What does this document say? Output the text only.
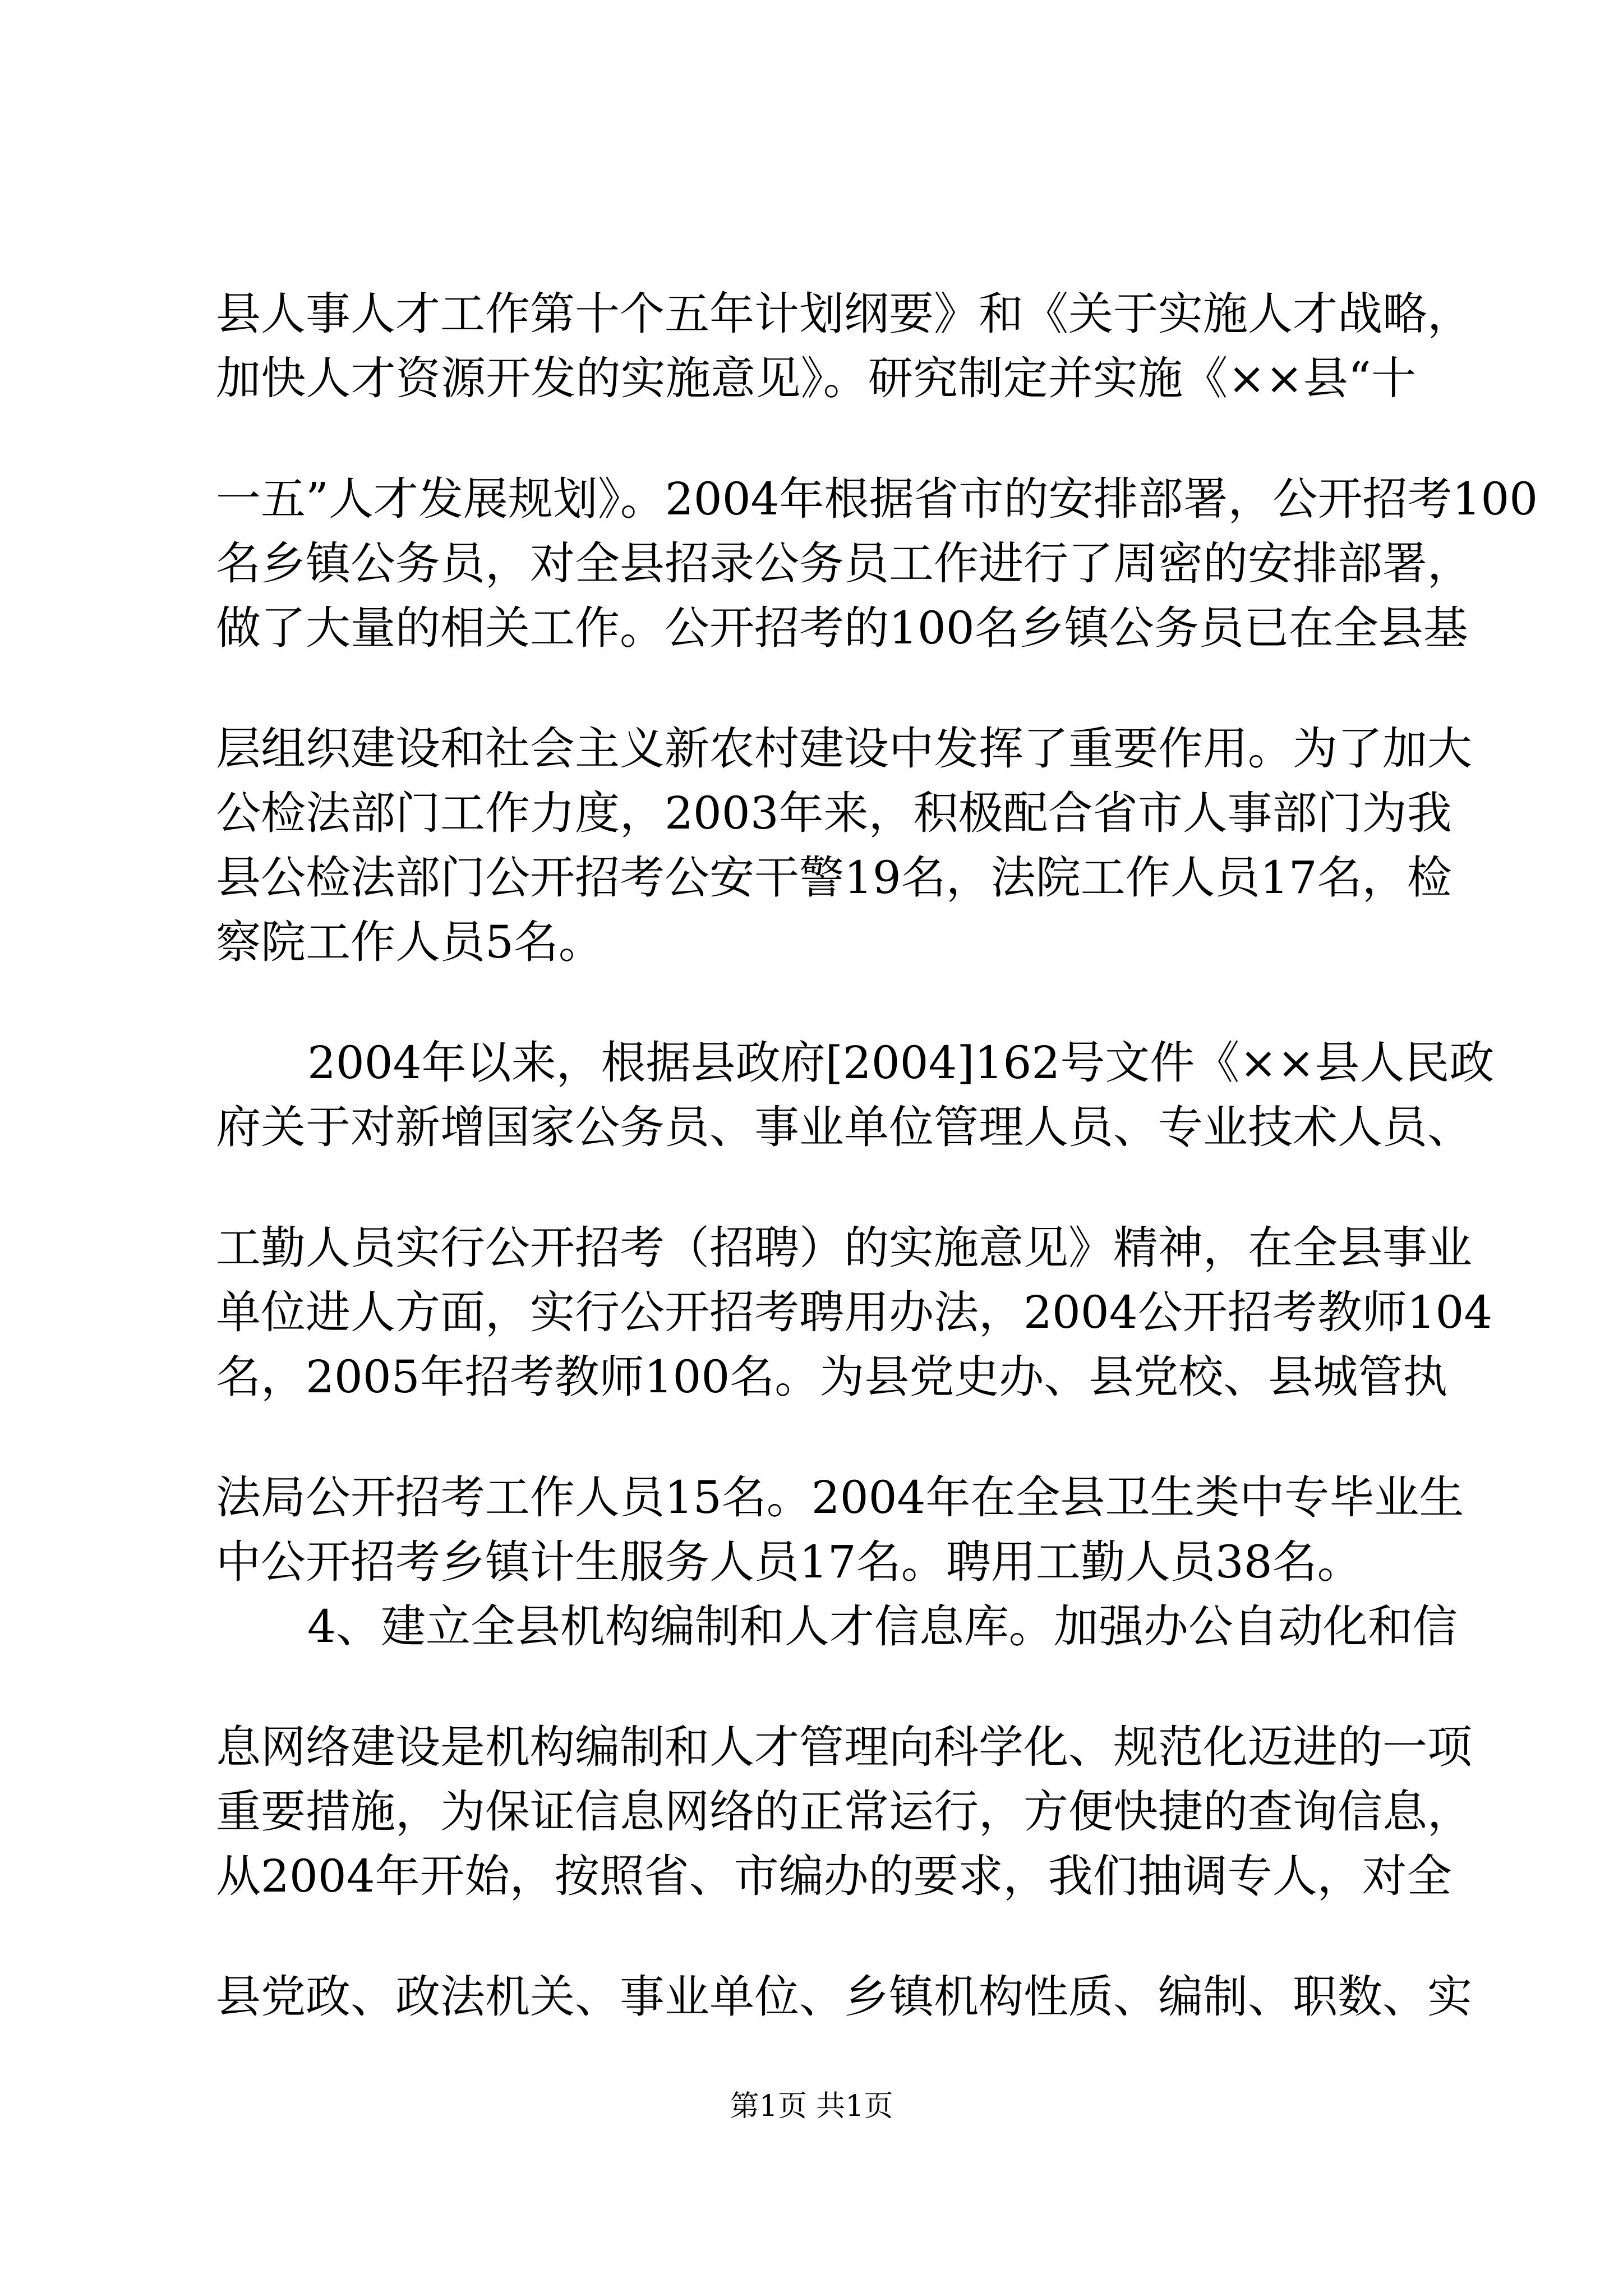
县人事人才工作第十个五年计划纲要》和《关于实施人才战略，
加快人才资源开发的实施意见》。研究制定并实施《××县“十
一五”人才发展规划》。2004年根据省市的安排部署，公开招考100
名乡镇公务员，对全县招录公务员工作进行了周密的安排部署，
做了大量的相关工作。公开招考的100名乡镇公务员已在全县基
层组织建设和社会主义新农村建设中发挥了重要作用。为了加大
公检法部门工作力度，2003年来，积极配合省市人事部门为我
县公检法部门公开招考公安干警19名，法院工作人员17名，检
察院工作人员5名。
2004年以来，根据县政府[2004]162号文件《××县人民政
府关于对新增国家公务员、事业单位管理人员、专业技术人员、
工勤人员实行公开招考（招聘）的实施意见》精神，在全县事业
单位进人方面，实行公开招考聘用办法，2004公开招考教师104
名，2005年招考教师100名。为县党史办、县党校、县城管执
法局公开招考工作人员15名。2004年在全县卫生类中专毕业生
中公开招考乡镇计生服务人员17名。聘用工勤人员38名。
4、建立全县机构编制和人才信息库。加强办公自动化和信
息网络建设是机构编制和人才管理向科学化、规范化迈进的一项
重要措施，为保证信息网络的正常运行，方便快捷的查询信息，
从2004年开始，按照省、市编办的要求，我们抽调专人，对全
县党政、政法机关、事业单位、乡镇机构性质、编制、职数、实
第1页 共1页
